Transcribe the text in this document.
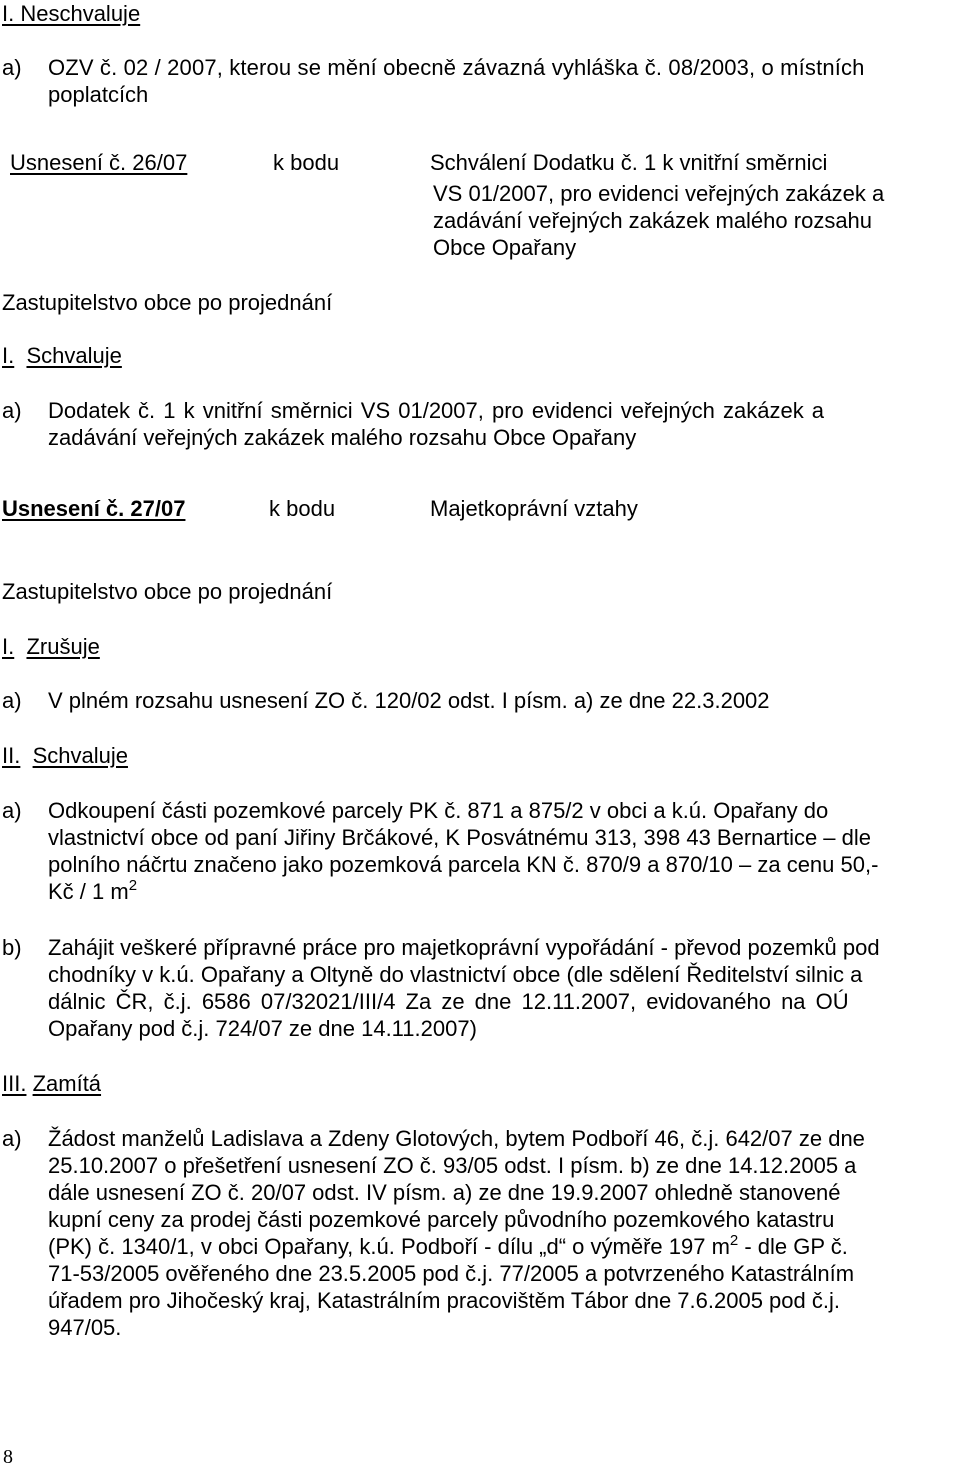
I. Neschvaluje
a) OZV č. 02 / 2007, kterou se mění obecně závazná vyhláška č. 08/2003, o místních
poplatcích
Usnesení č. 26/07	k bodu	Schválení Dodatku č. 1 k vnitřní směrnici
VS 01/2007, pro evidenci veřejných zakázek a
zadávání veřejných zakázek malého rozsahu
Obce Opařany
Zastupitelstvo obce po projednání
I. Schvaluje
a) Dodatek č. 1 k vnitřní směrnici VS 01/2007, pro evidenci veřejných zakázek a
zadávání veřejných zakázek malého rozsahu Obce Opařany
Usnesení č. 27/07	k bodu	Majetkoprávní vztahy
Zastupitelstvo obce po projednání
I. Zrušuje
a) V plném rozsahu usnesení ZO č. 120/02 odst. I písm. a) ze dne 22.3.2002
II. Schvaluje
a) Odkoupení části pozemkové parcely PK č. 871 a 875/2 v obci a k.ú. Opařany do
vlastnictví obce od paní Jiřiny Brčákové, K Posvátnému 313, 398 43 Bernartice – dle
polního náčrtu značeno jako pozemková parcela KN č. 870/9 a 870/10 – za cenu 50,-
Kč / 1 $m^2$
b) Zahájit veškeré přípravné práce pro majetkoprávní vypořádání - převod pozemků pod
chodníky v k.ú. Opařany a Oltyně do vlastnictví obce (dle sdělení Ředitelství silnic a
dálnic ČR, č.j. 6586 07/32021/III/4 Za ze dne 12.11.2007, evidovaného na OÚ
Opařany pod č.j. 724/07 ze dne 14.11.2007)
III. Zamítá
a) Žádost manželů Ladislava a Zdeny Glotových, bytem Podboří 46, č.j. 642/07 ze dne
25.10.2007 o přešetření usnesení ZO č. 93/05 odst. I písm. b) ze dne 14.12.2005 a
dále usnesení ZO č. 20/07 odst. IV písm. a) ze dne 19.9.2007 ohledně stanovené
kupní ceny za prodej části pozemkové parcely původního pozemkového katastru
(PK) č. 1340/1, v obci Opařany, k.ú. Podboří - dílu „d“ o výměře 197 $m^2$ - dle GP č.
71-53/2005 ověřeného dne 23.5.2005 pod č.j. 77/2005 a potvrzeného Katastrálním
úřadem pro Jihočeský kraj, Katastrálním pracovištěm Tábor dne 7.6.2005 pod č.j.
947/05.
8
